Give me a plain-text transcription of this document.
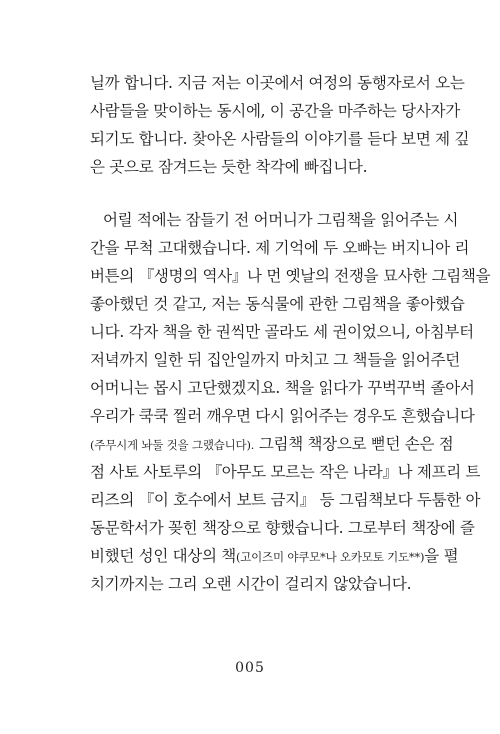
닐까 합니다. 지금 저는 이곳에서 여정의 동행자로서 오는
사람들을 맞이하는 동시에, 이 공간을 마주하는 당사자가
되기도 합니다. 찾아온 사람들의 이야기를 듣다 보면 제 깊
은 곳으로 잠겨드는 듯한 착각에 빠집니다.
어릴 적에는 잠들기 전 어머니가 그림책을 읽어주는 시
간을 무척 고대했습니다. 제 기억에 두 오빠는 버지니아 리
버튼의 『생명의 역사』나 먼 옛날의 전쟁을 묘사한 그림책을
좋아했던 것 같고, 저는 동식물에 관한 그림책을 좋아했습
니다. 각자 책을 한 권씩만 골라도 세 권이었으니, 아침부터
저녁까지 일한 뒤 집안일까지 마치고 그 책들을 읽어주던
어머니는 몹시 고단했겠지요. 책을 읽다가 꾸벅꾸벅 졸아서
우리가 쿡쿡 찔러 깨우면 다시 읽어주는 경우도 흔했습니다
(주무시게 놔둘 것을 그랬습니다). 그림책 책장으로 뻗던 손은 점
점 사토 사토루의 『아무도 모르는 작은 나라』나 제프리 트
리즈의 『이 호수에서 보트 금지』 등 그림책보다 두툼한 아
동문학서가 꽂힌 책장으로 향했습니다. 그로부터 책장에 즐
비했던 성인 대상의 책(고이즈미 야쿠모*나 오카모토 기도**)을 펼
치기까지는 그리 오랜 시간이 걸리지 않았습니다.
005
